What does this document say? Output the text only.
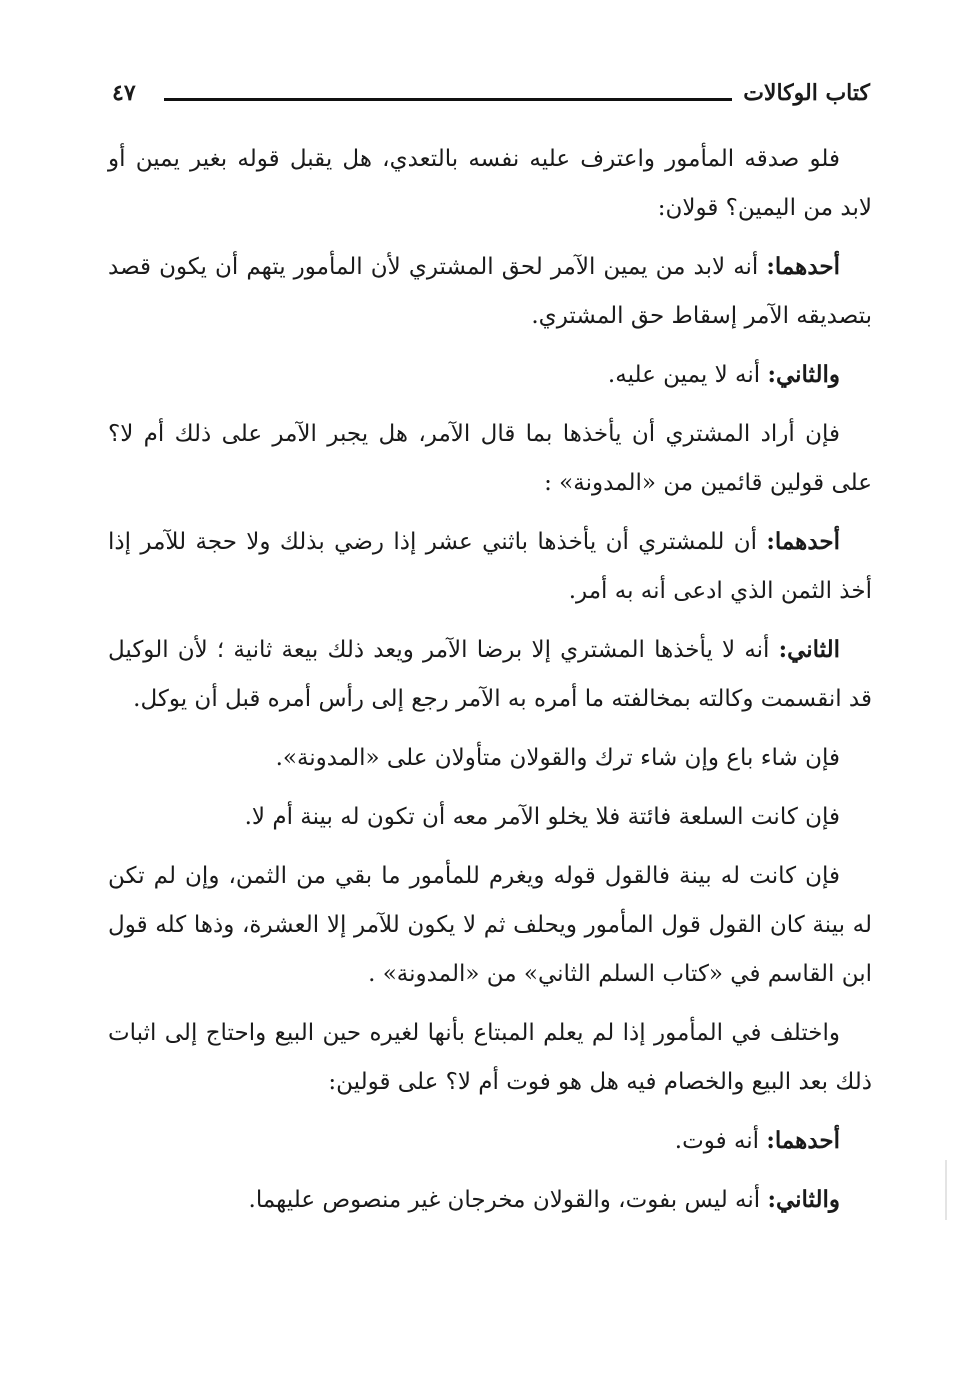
كتاب الوكالات
٤٧

فلو صدقه المأمور واعترف عليه نفسه بالتعدي، هل يقبل قوله بغير يمين أو لابد من اليمين؟ قولان:

أحدهما: أنه لابد من يمين الآمر لحق المشتري لأن المأمور يتهم أن يكون قصد بتصديقه الآمر إسقاط حق المشتري.

والثاني: أنه لا يمين عليه.

فإن أراد المشتري أن يأخذها بما قال الآمر، هل يجبر الآمر على ذلك أم لا؟ على قولين قائمين من «المدونة» :

أحدهما: أن للمشتري أن يأخذها باثني عشر إذا رضي بذلك ولا حجة للآمر إذا أخذ الثمن الذي ادعى أنه به أمر.

الثاني: أنه لا يأخذها المشتري إلا برضا الآمر ويعد ذلك بيعة ثانية ؛ لأن الوكيل قد انقسمت وكالته بمخالفته ما أمره به الآمر رجع إلى رأس أمره قبل أن يوكل.

فإن شاء باع وإن شاء ترك والقولان متأولان على «المدونة».

فإن كانت السلعة فائتة فلا يخلو الآمر معه أن تكون له بينة أم لا.

فإن كانت له بينة فالقول قوله ويغرم للمأمور ما بقي من الثمن، وإن لم تكن له بينة كان القول قول المأمور ويحلف ثم لا يكون للآمر إلا العشرة، وذها كله قول ابن القاسم في «كتاب السلم الثاني» من «المدونة» .

واختلف في المأمور إذا لم يعلم المبتاع بأنها لغيره حين البيع واحتاج إلى اثبات ذلك بعد البيع والخصام فيه هل هو فوت أم لا؟ على قولين:

أحدهما: أنه فوت.

والثاني: أنه ليس بفوت، والقولان مخرجان غير منصوص عليهما.
